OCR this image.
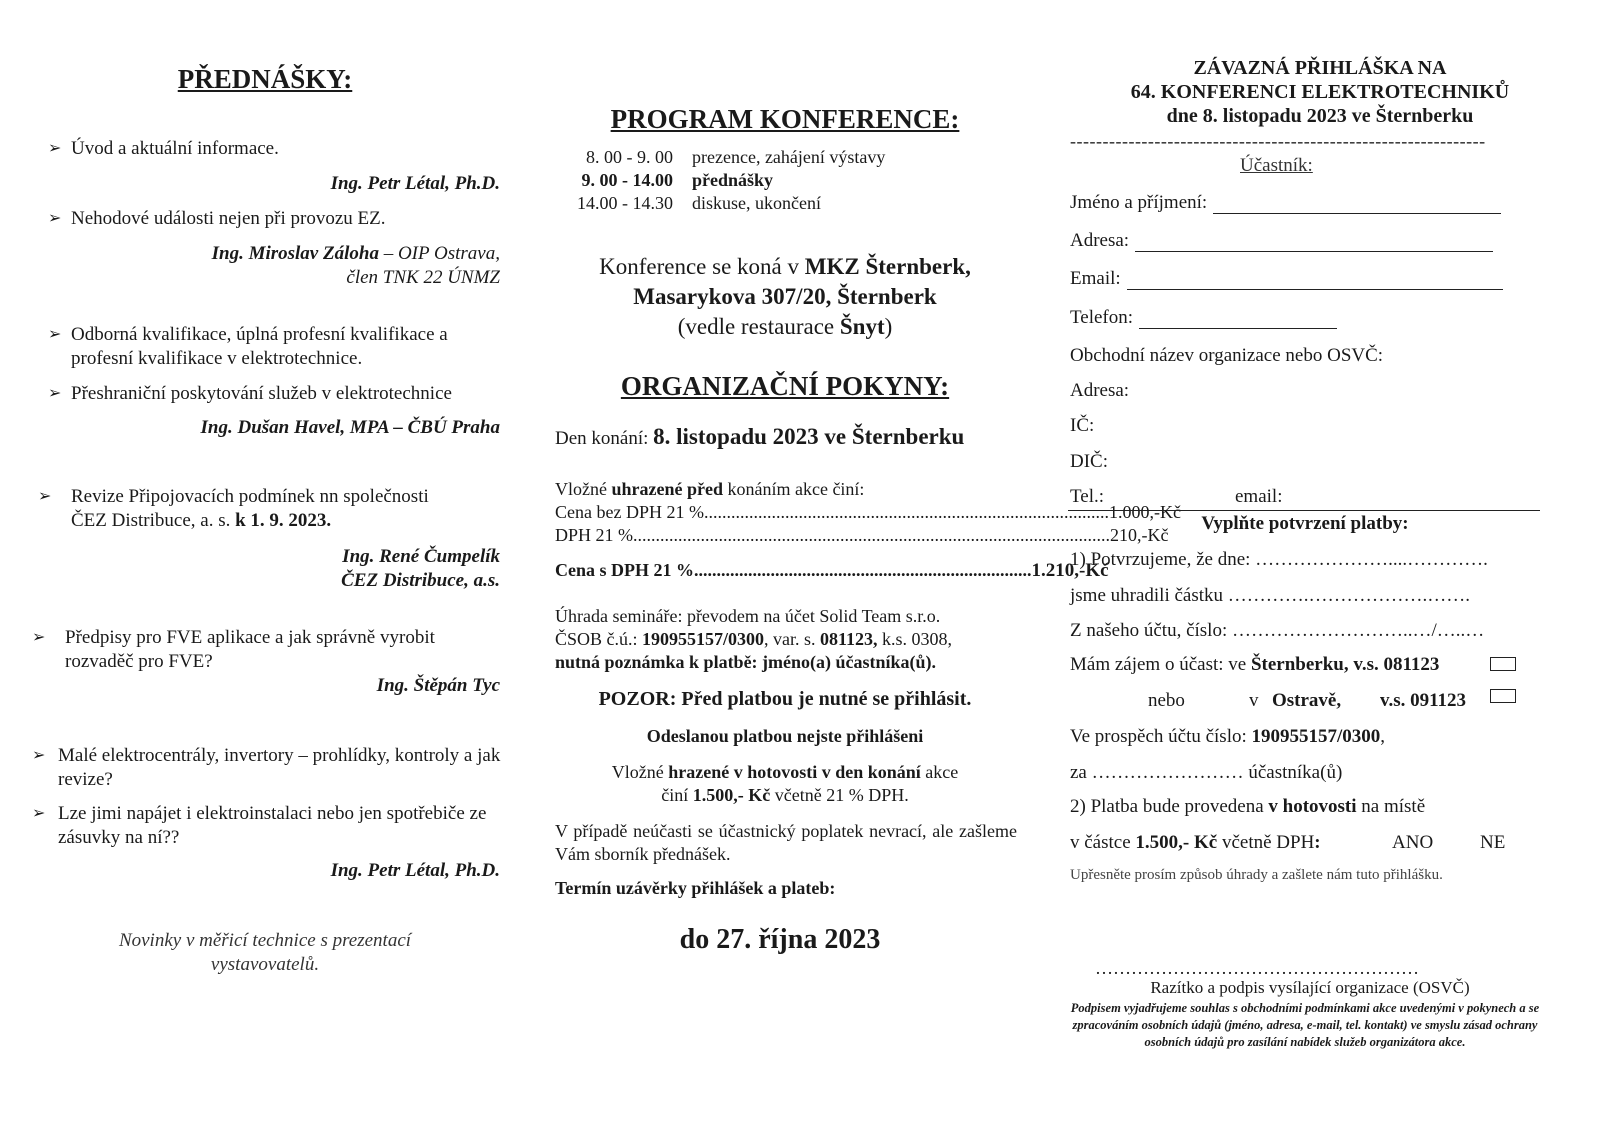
PŘEDNÁŠKY:
➢ Úvod a aktuální informace.
Ing. Petr Létal, Ph.D.
➢ Nehodové události nejen při provozu EZ.
Ing. Miroslav Záloha – OIP Ostrava,
člen TNK 22 ÚNMZ
➢ Odborná kvalifikace, úplná profesní kvalifikace a profesní kvalifikace v elektrotechnice.
➢ Přeshraniční poskytování služeb v elektrotechnice
Ing. Dušan Havel, MPA – ČBÚ Praha
➢	Revize Připojovacích podmínek nn společnosti ČEZ Distribuce, a. s. k 1. 9. 2023.
Ing. René Čumpelík
ČEZ Distribuce, a.s.
➢	Předpisy pro FVE aplikace a jak správně vyrobit rozvaděč pro FVE?
Ing. Štěpán Tyc
➢ Malé elektrocentrály, invertory – prohlídky, kontroly a jak revize?
➢ Lze jimi napájet i elektroinstalaci nebo jen spotřebiče ze zásuvky na ní??
Ing. Petr Létal, Ph.D.
Novinky v měřicí technice s prezentací
vystavovatelů.
PROGRAM KONFERENCE:
8. 00 - 9. 00 prezence, zahájení výstavy
9. 00 - 14.00 přednášky
14.00 - 14.30 diskuse, ukončení
Konference se koná v MKZ Šternberk,
Masarykova 307/20, Šternberk
(vedle restaurace Šnyt)
ORGANIZAČNÍ POKYNY:
Den konání: 8. listopadu 2023 ve Šternberku
Vložné uhrazené před konáním akce činí:
Cena bez DPH 21 % .......................................................................................... 1.000,-Kč
DPH 21 % .......................................................................................................... 210,-Kč
Cena s DPH 21 % ........................................................................... 1.210,-Kč
Úhrada semináře: převodem na účet Solid Team s.r.o.
ČSOB č.ú.: 190955157/0300, var. s. 081123, k.s. 0308,
nutná poznámka k platbě: jméno(a) účastníka(ů).
POZOR: Před platbou je nutné se přihlásit.
Odeslanou platbou nejste přihlášeni
Vložné hrazené v hotovosti v den konání akce
činí 1.500,- Kč včetně 21 % DPH.
V případě neúčasti se účastnický poplatek nevrací, ale zašleme Vám sborník přednášek.
Termín uzávěrky přihlášek a plateb:
do 27. října 2023
ZÁVAZNÁ PŘIHLÁŠKA NA
64. KONFERENCI ELEKTROTECHNIKŮ
dne 8. listopadu 2023 ve Šternberku
----------------------------------------------------------------
Účastník:
Jméno a příjmení:
Adresa:
Email:
Telefon:
Obchodní název organizace nebo OSVČ:
Adresa:
IČ:
DIČ:
Tel.:	email:
Vyplňte potvrzení platby:
1) Potvrzujeme, že dne: …………………....………….
jsme uhradili částku ………….……………….…….
Z našeho účtu, číslo: ………………………..…/…..…
Mám zájem o účast: ve Šternberku, v.s. 081123
nebo	v Ostravě, v.s. 091123
Ve prospěch účtu číslo: 190955157/0300,
za …………………… účastníka(ů)
2) Platba bude provedena v hotovosti na místě
v částce 1.500,- Kč včetně DPH:	ANO NE
Upřesněte prosím způsob úhrady a zašlete nám tuto přihlášku.
………………………………………………
Razítko a podpis vysílající organizace (OSVČ)
Podpisem vyjadřujeme souhlas s obchodními podmínkami akce uvedenými v pokynech a se zpracováním osobních údajů (jméno, adresa, e-mail, tel. kontakt) ve smyslu zásad ochrany osobních údajů pro zasílání nabídek služeb organizátora akce.
